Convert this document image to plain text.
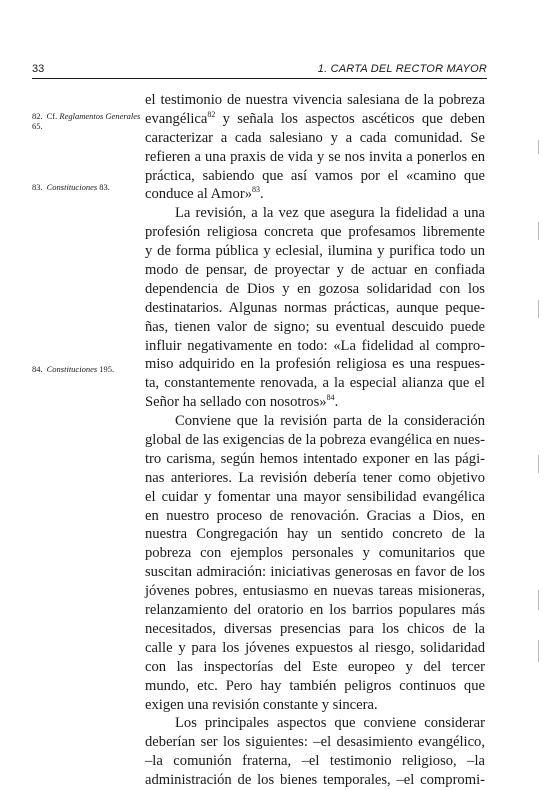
33	1. CARTA DEL RECTOR MAYOR
82. Cf. Reglamentos Generales 65.
83. Constituciones 83.
84. Constituciones 195.
el testimonio de nuestra vivencia salesiana de la pobreza
evangélica$^{82}$ y señala los aspectos ascéticos que deben
caracterizar a cada salesiano y a cada comunidad. Se
refieren a una praxis de vida y se nos invita a ponerlos en
práctica, sabiendo que así vamos por el «camino que
conduce al Amor»$^{83}$.
La revisión, a la vez que asegura la fidelidad a una
profesión religiosa concreta que profesamos libremente
y de forma pública y eclesial, ilumina y purifica todo un
modo de pensar, de proyectar y de actuar en confiada
dependencia de Dios y en gozosa solidaridad con los
destinatarios. Algunas normas prácticas, aunque peque-
ñas, tienen valor de signo; su eventual descuido puede
influir negativamente en todo: «La fidelidad al compro-
miso adquirido en la profesión religiosa es una respues-
ta, constantemente renovada, a la especial alianza que el
Señor ha sellado con nosotros»$^{84}$.
Conviene que la revisión parta de la consideración
global de las exigencias de la pobreza evangélica en nues-
tro carisma, según hemos intentado exponer en las pági-
nas anteriores. La revisión debería tener como objetivo
el cuidar y fomentar una mayor sensibilidad evangélica
en nuestro proceso de renovación. Gracias a Dios, en
nuestra Congregación hay un sentido concreto de la
pobreza con ejemplos personales y comunitarios que
suscitan admiración: iniciativas generosas en favor de los
jóvenes pobres, entusiasmo en nuevas tareas misioneras,
relanzamiento del oratorio en los barrios populares más
necesitados, diversas presencias para los chicos de la
calle y para los jóvenes expuestos al riesgo, solidaridad
con las inspectorías del Este europeo y del tercer
mundo, etc. Pero hay también peligros continuos que
exigen una revisión constante y sincera.
Los principales aspectos que conviene considerar
deberían ser los siguientes: –el desasimiento evangélico,
–la comunión fraterna, –el testimonio religioso, –la
administración de los bienes temporales, –el compromi-
